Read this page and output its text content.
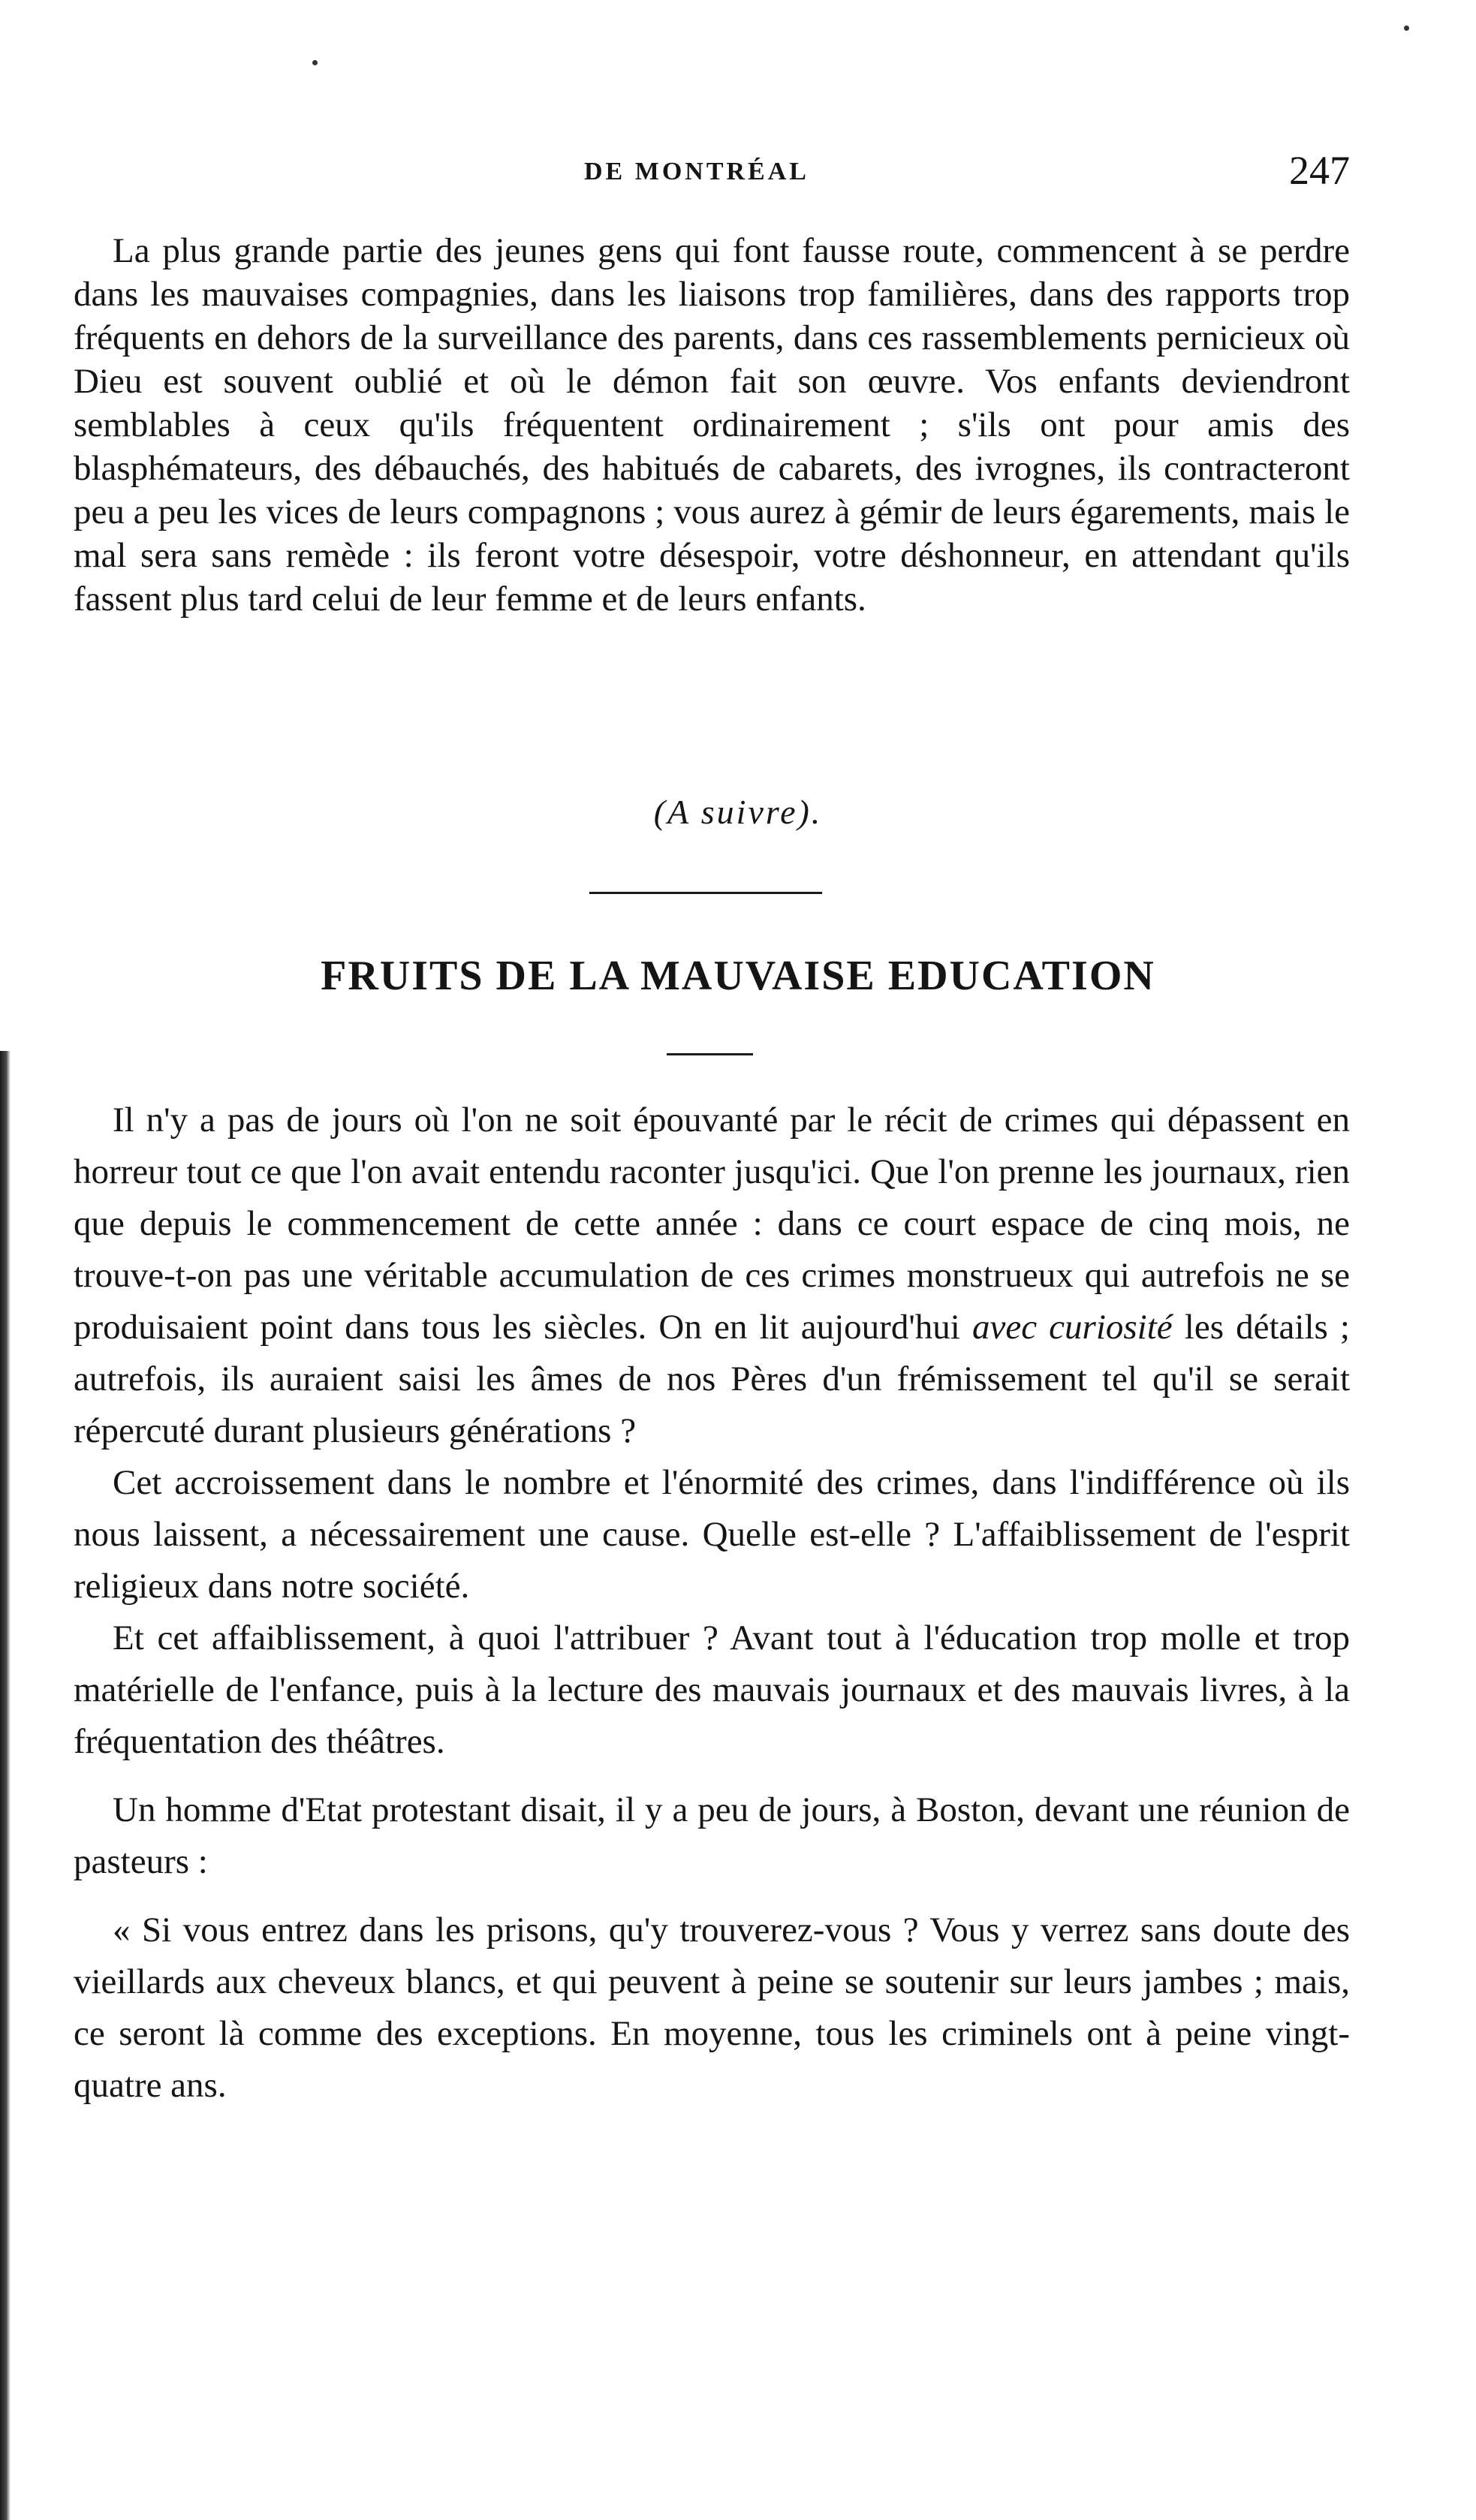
DE MONTRÉAL	247

La plus grande partie des jeunes gens qui font fausse route, commencent à se perdre dans les mauvaises compagnies, dans les liaisons trop familières, dans des rapports trop fréquents en dehors de la surveillance des parents, dans ces rassemblements pernicieux où Dieu est souvent oublié et où le démon fait son œuvre. Vos enfants deviendront semblables à ceux qu'ils fréquentent ordinairement ; s'ils ont pour amis des blasphémateurs, des débauchés, des habitués de cabarets, des ivrognes, ils contracteront peu a peu les vices de leurs compagnons ; vous aurez à gémir de leurs égarements, mais le mal sera sans remède : ils feront votre désespoir, votre déshonneur, en attendant qu'ils fassent plus tard celui de leur femme et de leurs enfants.

(A suivre).
FRUITS DE LA MAUVAISE EDUCATION

Il n'y a pas de jours où l'on ne soit épouvanté par le récit de crimes qui dépassent en horreur tout ce que l'on avait entendu raconter jusqu'ici. Que l'on prenne les journaux, rien que depuis le commencement de cette année : dans ce court espace de cinq mois, ne trouve-t-on pas une véritable accumulation de ces crimes monstrueux qui autrefois ne se produisaient point dans tous les siècles. On en lit aujourd'hui avec curiosité les détails ; autrefois, ils auraient saisi les âmes de nos Pères d'un frémissement tel qu'il se serait répercuté durant plusieurs générations ?

Cet accroissement dans le nombre et l'énormité des crimes, dans l'indifférence où ils nous laissent, a nécessairement une cause. Quelle est-elle ? L'affaiblissement de l'esprit religieux dans notre société.

Et cet affaiblissement, à quoi l'attribuer ? Avant tout à l'éducation trop molle et trop matérielle de l'enfance, puis à la lecture des mauvais journaux et des mauvais livres, à la fréquentation des théâtres.

Un homme d'Etat protestant disait, il y a peu de jours, à Boston, devant une réunion de pasteurs :

« Si vous entrez dans les prisons, qu'y trouverez-vous ? Vous y verrez sans doute des vieillards aux cheveux blancs, et qui peuvent à peine se soutenir sur leurs jambes ; mais, ce seront là comme des exceptions. En moyenne, tous les criminels ont à peine vingt-quatre ans.
